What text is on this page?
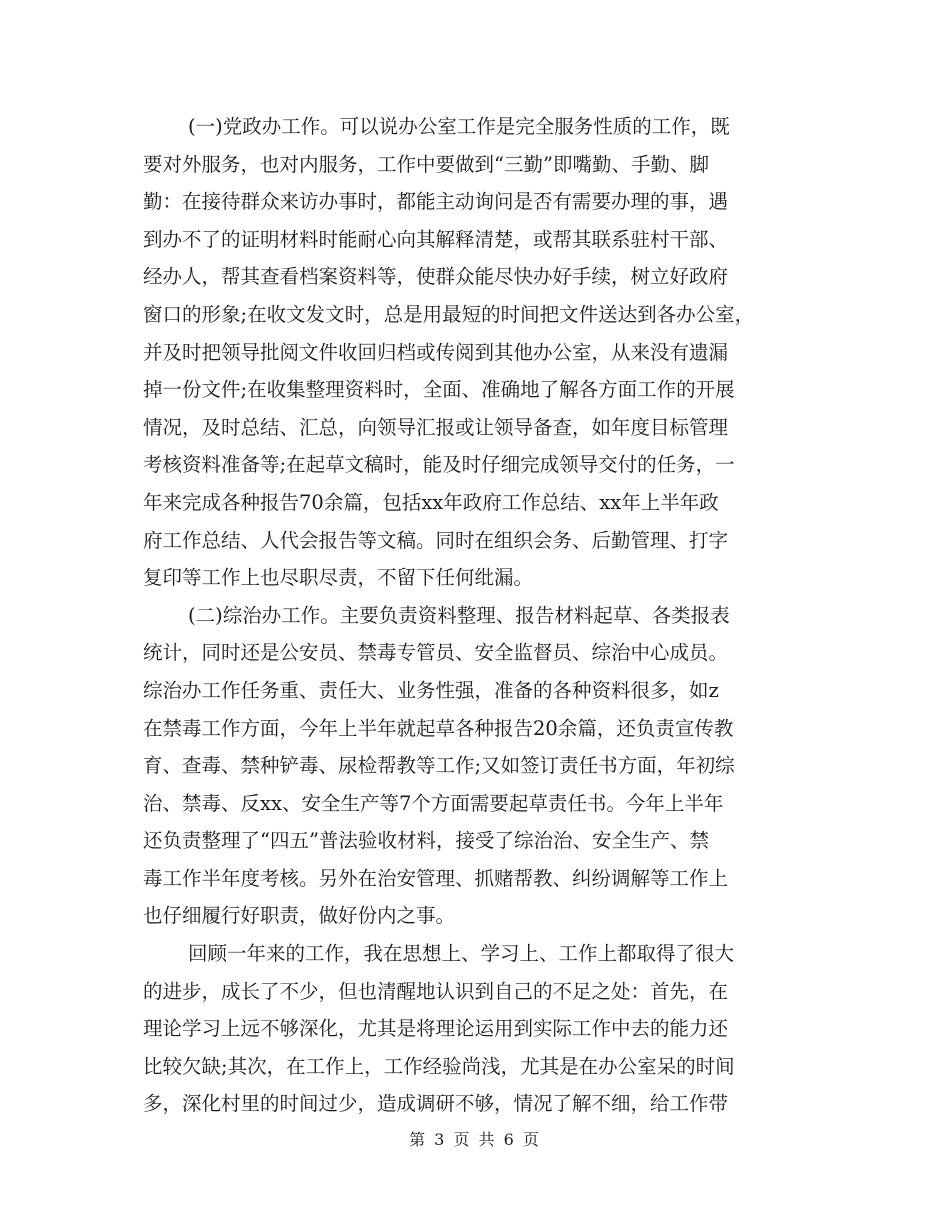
(一)党政办工作。可以说办公室工作是完全服务性质的工作，既
要对外服务，也对内服务，工作中要做到“三勤”即嘴勤、手勤、脚
勤：在接待群众来访办事时，都能主动询问是否有需要办理的事，遇
到办不了的证明材料时能耐心向其解释清楚，或帮其联系驻村干部、
经办人，帮其查看档案资料等，使群众能尽快办好手续，树立好政府
窗口的形象;在收文发文时，总是用最短的时间把文件送达到各办公室，
并及时把领导批阅文件收回归档或传阅到其他办公室，从来没有遗漏
掉一份文件;在收集整理资料时，全面、准确地了解各方面工作的开展
情况，及时总结、汇总，向领导汇报或让领导备查，如年度目标管理
考核资料准备等;在起草文稿时，能及时仔细完成领导交付的任务，一
年来完成各种报告70余篇，包括xx年政府工作总结、xx年上半年政
府工作总结、人代会报告等文稿。同时在组织会务、后勤管理、打字
复印等工作上也尽职尽责，不留下任何纰漏。
(二)综治办工作。主要负责资料整理、报告材料起草、各类报表
统计，同时还是公安员、禁毒专管员、安全监督员、综治中心成员。
综治办工作任务重、责任大、业务性强，准备的各种资料很多，如z
在禁毒工作方面，今年上半年就起草各种报告20余篇，还负责宣传教
育、查毒、禁种铲毒、尿检帮教等工作;又如签订责任书方面，年初综
治、禁毒、反xx、安全生产等7个方面需要起草责任书。今年上半年
还负责整理了“四五”普法验收材料，接受了综治治、安全生产、禁
毒工作半年度考核。另外在治安管理、抓赌帮教、纠纷调解等工作上
也仔细履行好职责，做好份内之事。
回顾一年来的工作，我在思想上、学习上、工作上都取得了很大
的进步，成长了不少，但也清醒地认识到自己的不足之处：首先，在
理论学习上远不够深化，尤其是将理论运用到实际工作中去的能力还
比较欠缺;其次，在工作上，工作经验尚浅，尤其是在办公室呆的时间
多，深化村里的时间过少，造成调研不够，情况了解不细，给工作带
第 3 页 共 6 页
